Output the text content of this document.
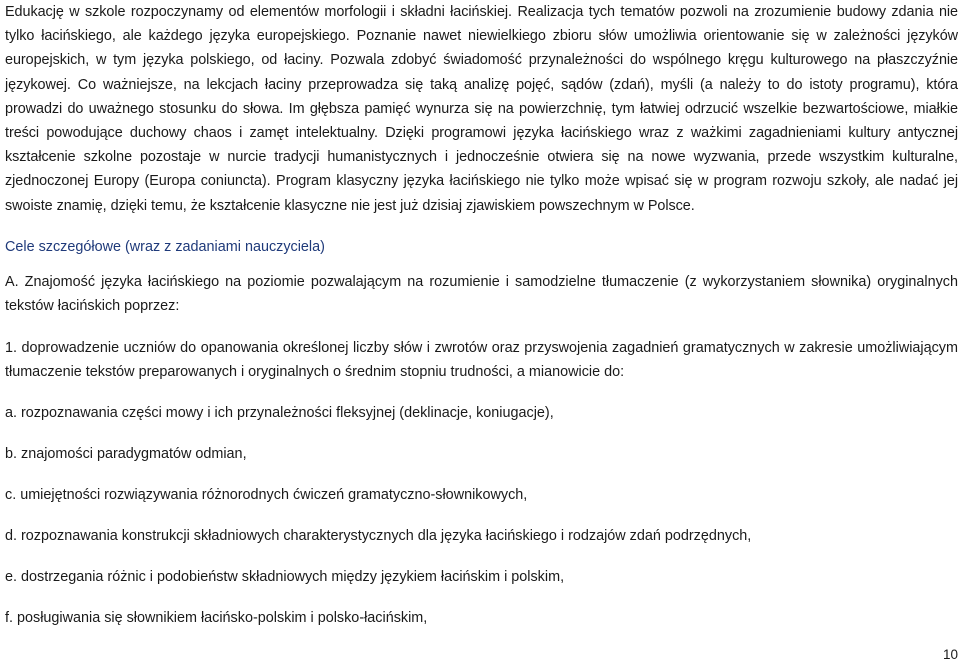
Edukację w szkole rozpoczynamy od elementów morfologii i składni łacińskiej. Realizacja tych tematów pozwoli na zrozumienie budowy zdania nie tylko łacińskiego, ale każdego języka europejskiego. Poznanie nawet niewielkiego zbioru słów umożliwia orientowanie się w zależności języków europejskich, w tym języka polskiego, od łaciny. Pozwala zdobyć świadomość przynależności do wspólnego kręgu kulturowego na płaszczyźnie językowej. Co ważniejsze, na lekcjach łaciny przeprowadza się taką analizę pojęć, sądów (zdań), myśli (a należy to do istoty programu), która prowadzi do uważnego stosunku do słowa. Im głębsza pamięć wynurza się na powierzchnię, tym łatwiej odrzucić wszelkie bezwartościowe, miałkie treści powodujące duchowy chaos i zamęt intelektualny. Dzięki programowi języka łacińskiego wraz z ważkimi zagadnieniami kultury antycznej kształcenie szkolne pozostaje w nurcie tradycji humanistycznych i jednocześnie otwiera się na nowe wyzwania, przede wszystkim kulturalne, zjednoczonej Europy (Europa coniuncta). Program klasyczny języka łacińskiego nie tylko może wpisać się w program rozwoju szkoły, ale nadać jej swoiste znamię, dzięki temu, że kształcenie klasyczne nie jest już dzisiaj zjawiskiem powszechnym w Polsce.

Cele szczegółowe (wraz z zadaniami nauczyciela)

A. Znajomość języka łacińskiego na poziomie pozwalającym na rozumienie i samodzielne tłumaczenie (z wykorzystaniem słownika) oryginalnych tekstów łacińskich poprzez:

1. doprowadzenie uczniów do opanowania określonej liczby słów i zwrotów oraz przyswojenia zagadnień gramatycznych w zakresie umożliwiającym tłumaczenie tekstów preparowanych i oryginalnych o średnim stopniu trudności, a mianowicie do:

a. rozpoznawania części mowy i ich przynależności fleksyjnej (deklinacje, koniugacje),

b. znajomości paradygmatów odmian,

c. umiejętności rozwiązywania różnorodnych ćwiczeń gramatyczno-słownikowych,

d. rozpoznawania konstrukcji składniowych charakterystycznych dla języka łacińskiego i rodzajów zdań podrzędnych,

e. dostrzegania różnic i podobieństw składniowych między językiem łacińskim i polskim,

f. posługiwania się słownikiem łacińsko-polskim i polsko-łacińskim,

10
